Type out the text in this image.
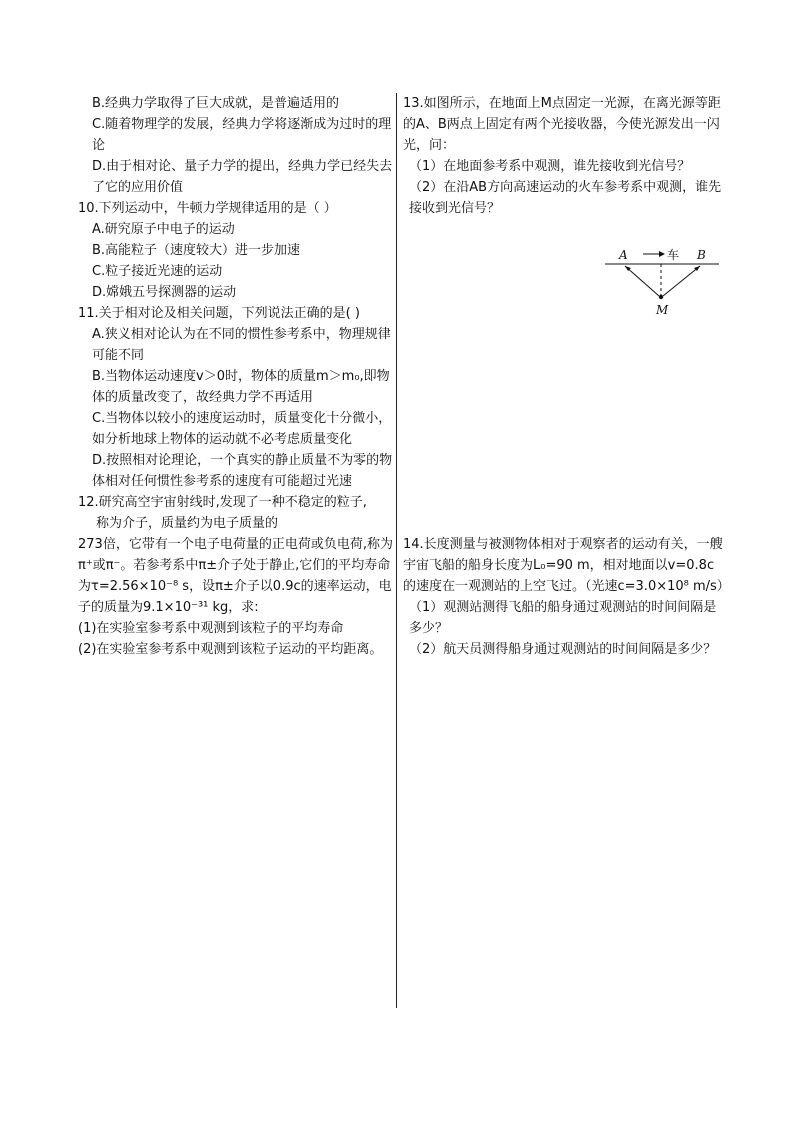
B.经典力学取得了巨大成就，是普遍适用的
C.随着物理学的发展，经典力学将逐渐成为过时的理论
D.由于相对论、量子力学的提出，经典力学已经失去了它的应用价值
10.下列运动中，牛顿力学规律适用的是（ ）
A.研究原子中电子的运动
B.高能粒子（速度较大）进一步加速
C.粒子接近光速的运动
D.嫦娥五号探测器的运动
11.关于相对论及相关问题，下列说法正确的是( )
A.狭义相对论认为在不同的惯性参考系中，物理规律可能不同
B.当物体运动速度v＞0时，物体的质量m＞m₀,即物体的质量改变了，故经典力学不再适用
C.当物体以较小的速度运动时，质量变化十分微小，如分析地球上物体的运动就不必考虑质量变化
D.按照相对论理论，一个真实的静止质量不为零的物体相对任何惯性参考系的速度有可能超过光速
12.研究高空宇宙射线时,发现了一种不稳定的粒子,
称为介子，质量约为电子质量的
273倍，它带有一个电子电荷量的正电荷或负电荷,称为π⁺或π⁻。若参考系中π±介子处于静止,它们的平均寿命为τ=2.56×10⁻⁸ s，设π±介子以0.9c的速率运动，电子的质量为9.1×10⁻³¹ kg，求:
(1)在实验室参考系中观测到该粒子的平均寿命
(2)在实验室参考系中观测到该粒子运动的平均距离。
13.如图所示，在地面上M点固定一光源，在离光源等距的A、B两点上固定有两个光接收器，今使光源发出一闪光，问：
（1）在地面参考系中观测，谁先接收到光信号？
（2）在沿AB方向高速运动的火车参考系中观测，谁先接收到光信号？
A	车 B
M
14.长度测量与被测物体相对于观察者的运动有关，一艘宇宙飞船的船身长度为L₀=90 m，相对地面以v=0.8c的速度在一观测站的上空飞过。（光速c=3.0×10⁸ m/s）
（1）观测站测得飞船的船身通过观测站的时间间隔是多少？
（2）航天员测得船身通过观测站的时间间隔是多少？
